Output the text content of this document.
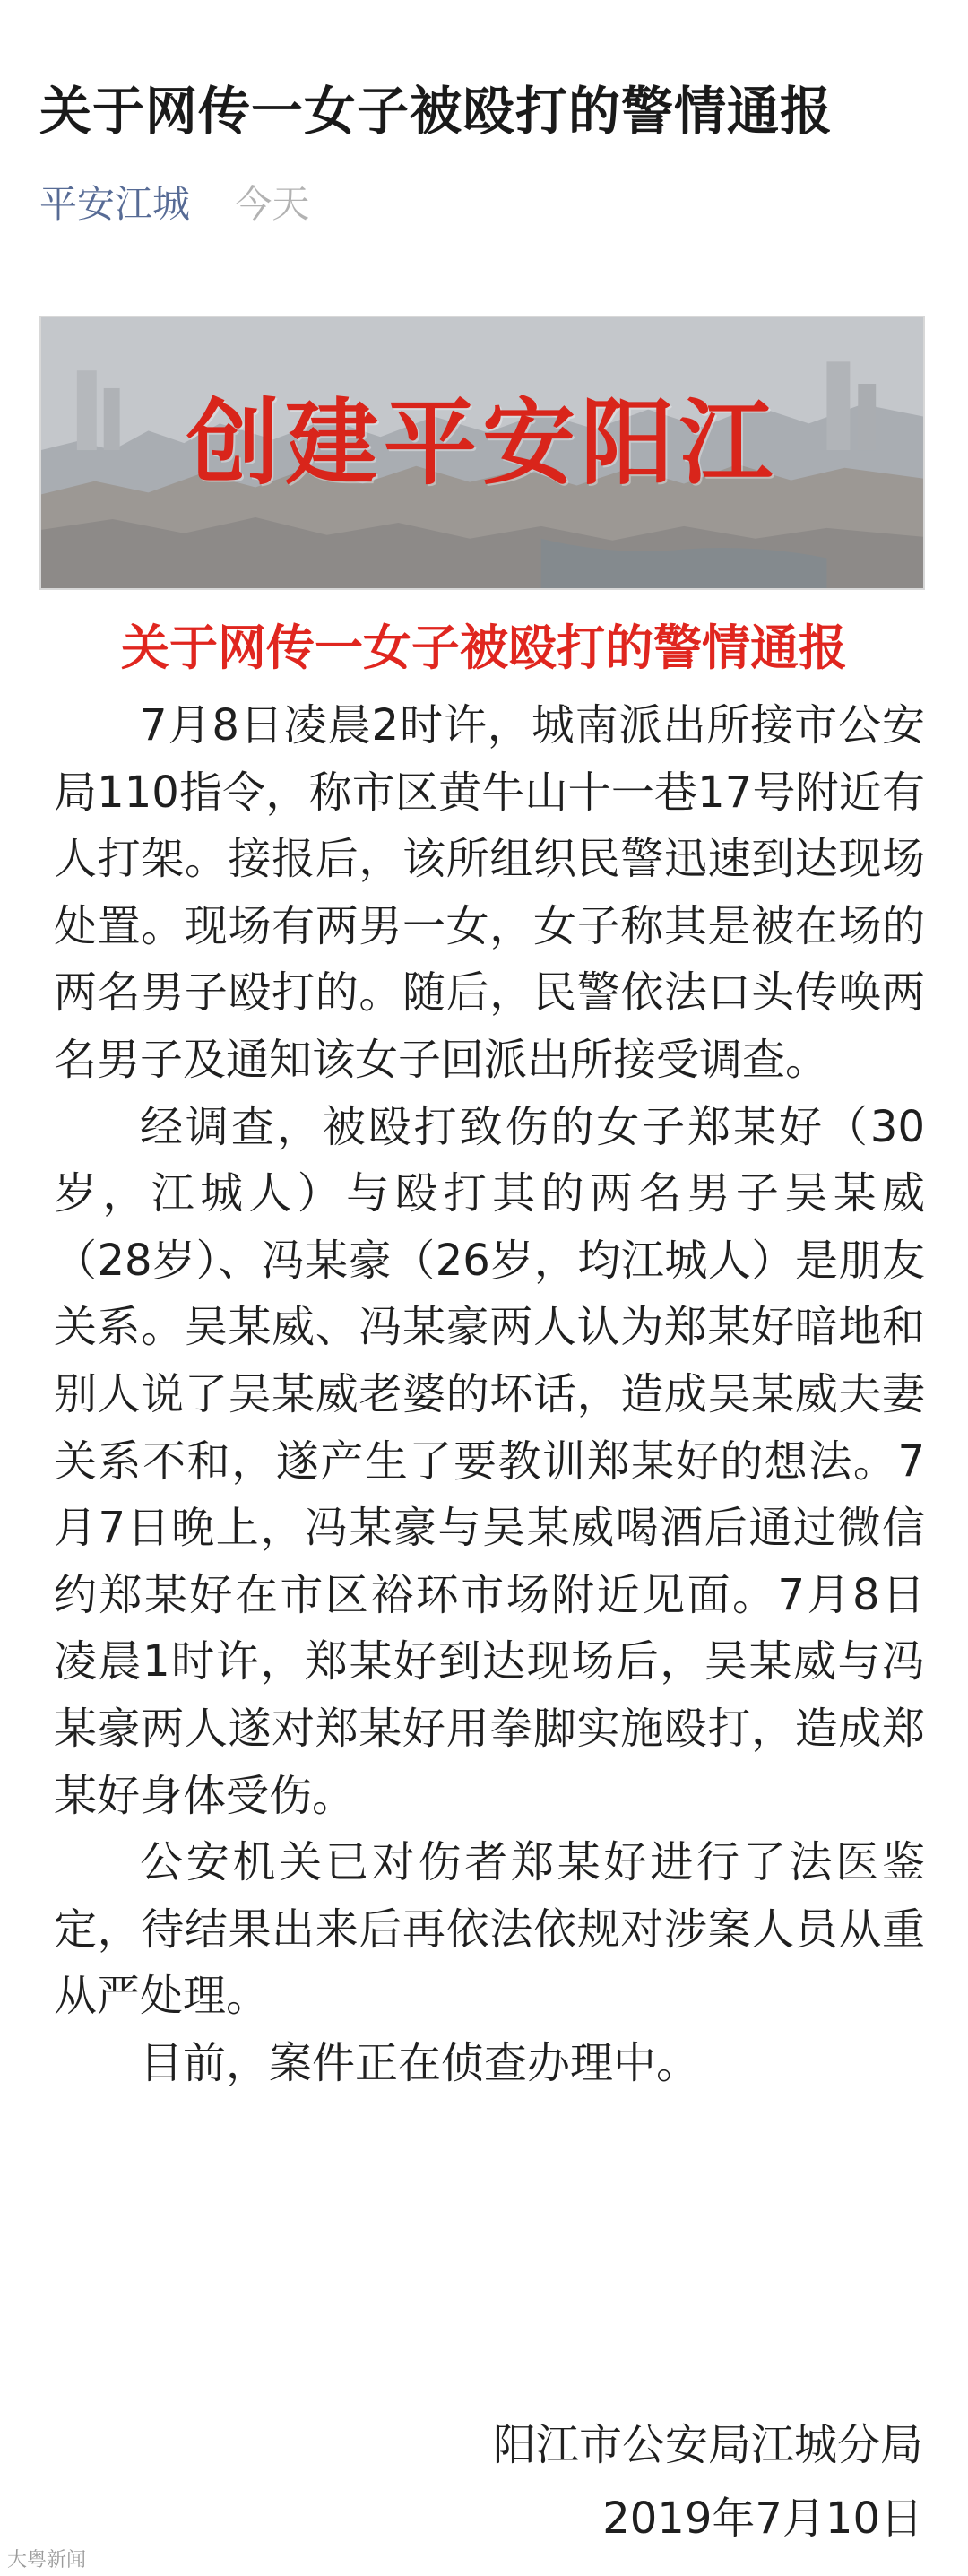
关于网传一女子被殴打的警情通报
平安江城 今天
创建平安阳江
关于网传一女子被殴打的警情通报

7月8日凌晨2时许，城南派出所接市公安局110指令，称市区黄牛山十一巷17号附近有人打架。接报后，该所组织民警迅速到达现场处置。现场有两男一女，女子称其是被在场的两名男子殴打的。随后，民警依法口头传唤两名男子及通知该女子回派出所接受调查。

经调查，被殴打致伤的女子郑某好（30岁，江城人）与殴打其的两名男子吴某威（28岁）、冯某豪（26岁，均江城人）是朋友关系。吴某威、冯某豪两人认为郑某好暗地和别人说了吴某威老婆的坏话，造成吴某威夫妻关系不和，遂产生了要教训郑某好的想法。7月7日晚上，冯某豪与吴某威喝酒后通过微信约郑某好在市区裕环市场附近见面。7月8日凌晨1时许，郑某好到达现场后，吴某威与冯某豪两人遂对郑某好用拳脚实施殴打，造成郑某好身体受伤。

公安机关已对伤者郑某好进行了法医鉴定，待结果出来后再依法依规对涉案人员从重从严处理。

目前，案件正在侦查办理中。

阳江市公安局江城分局
2019年7月10日
大粤新闻
